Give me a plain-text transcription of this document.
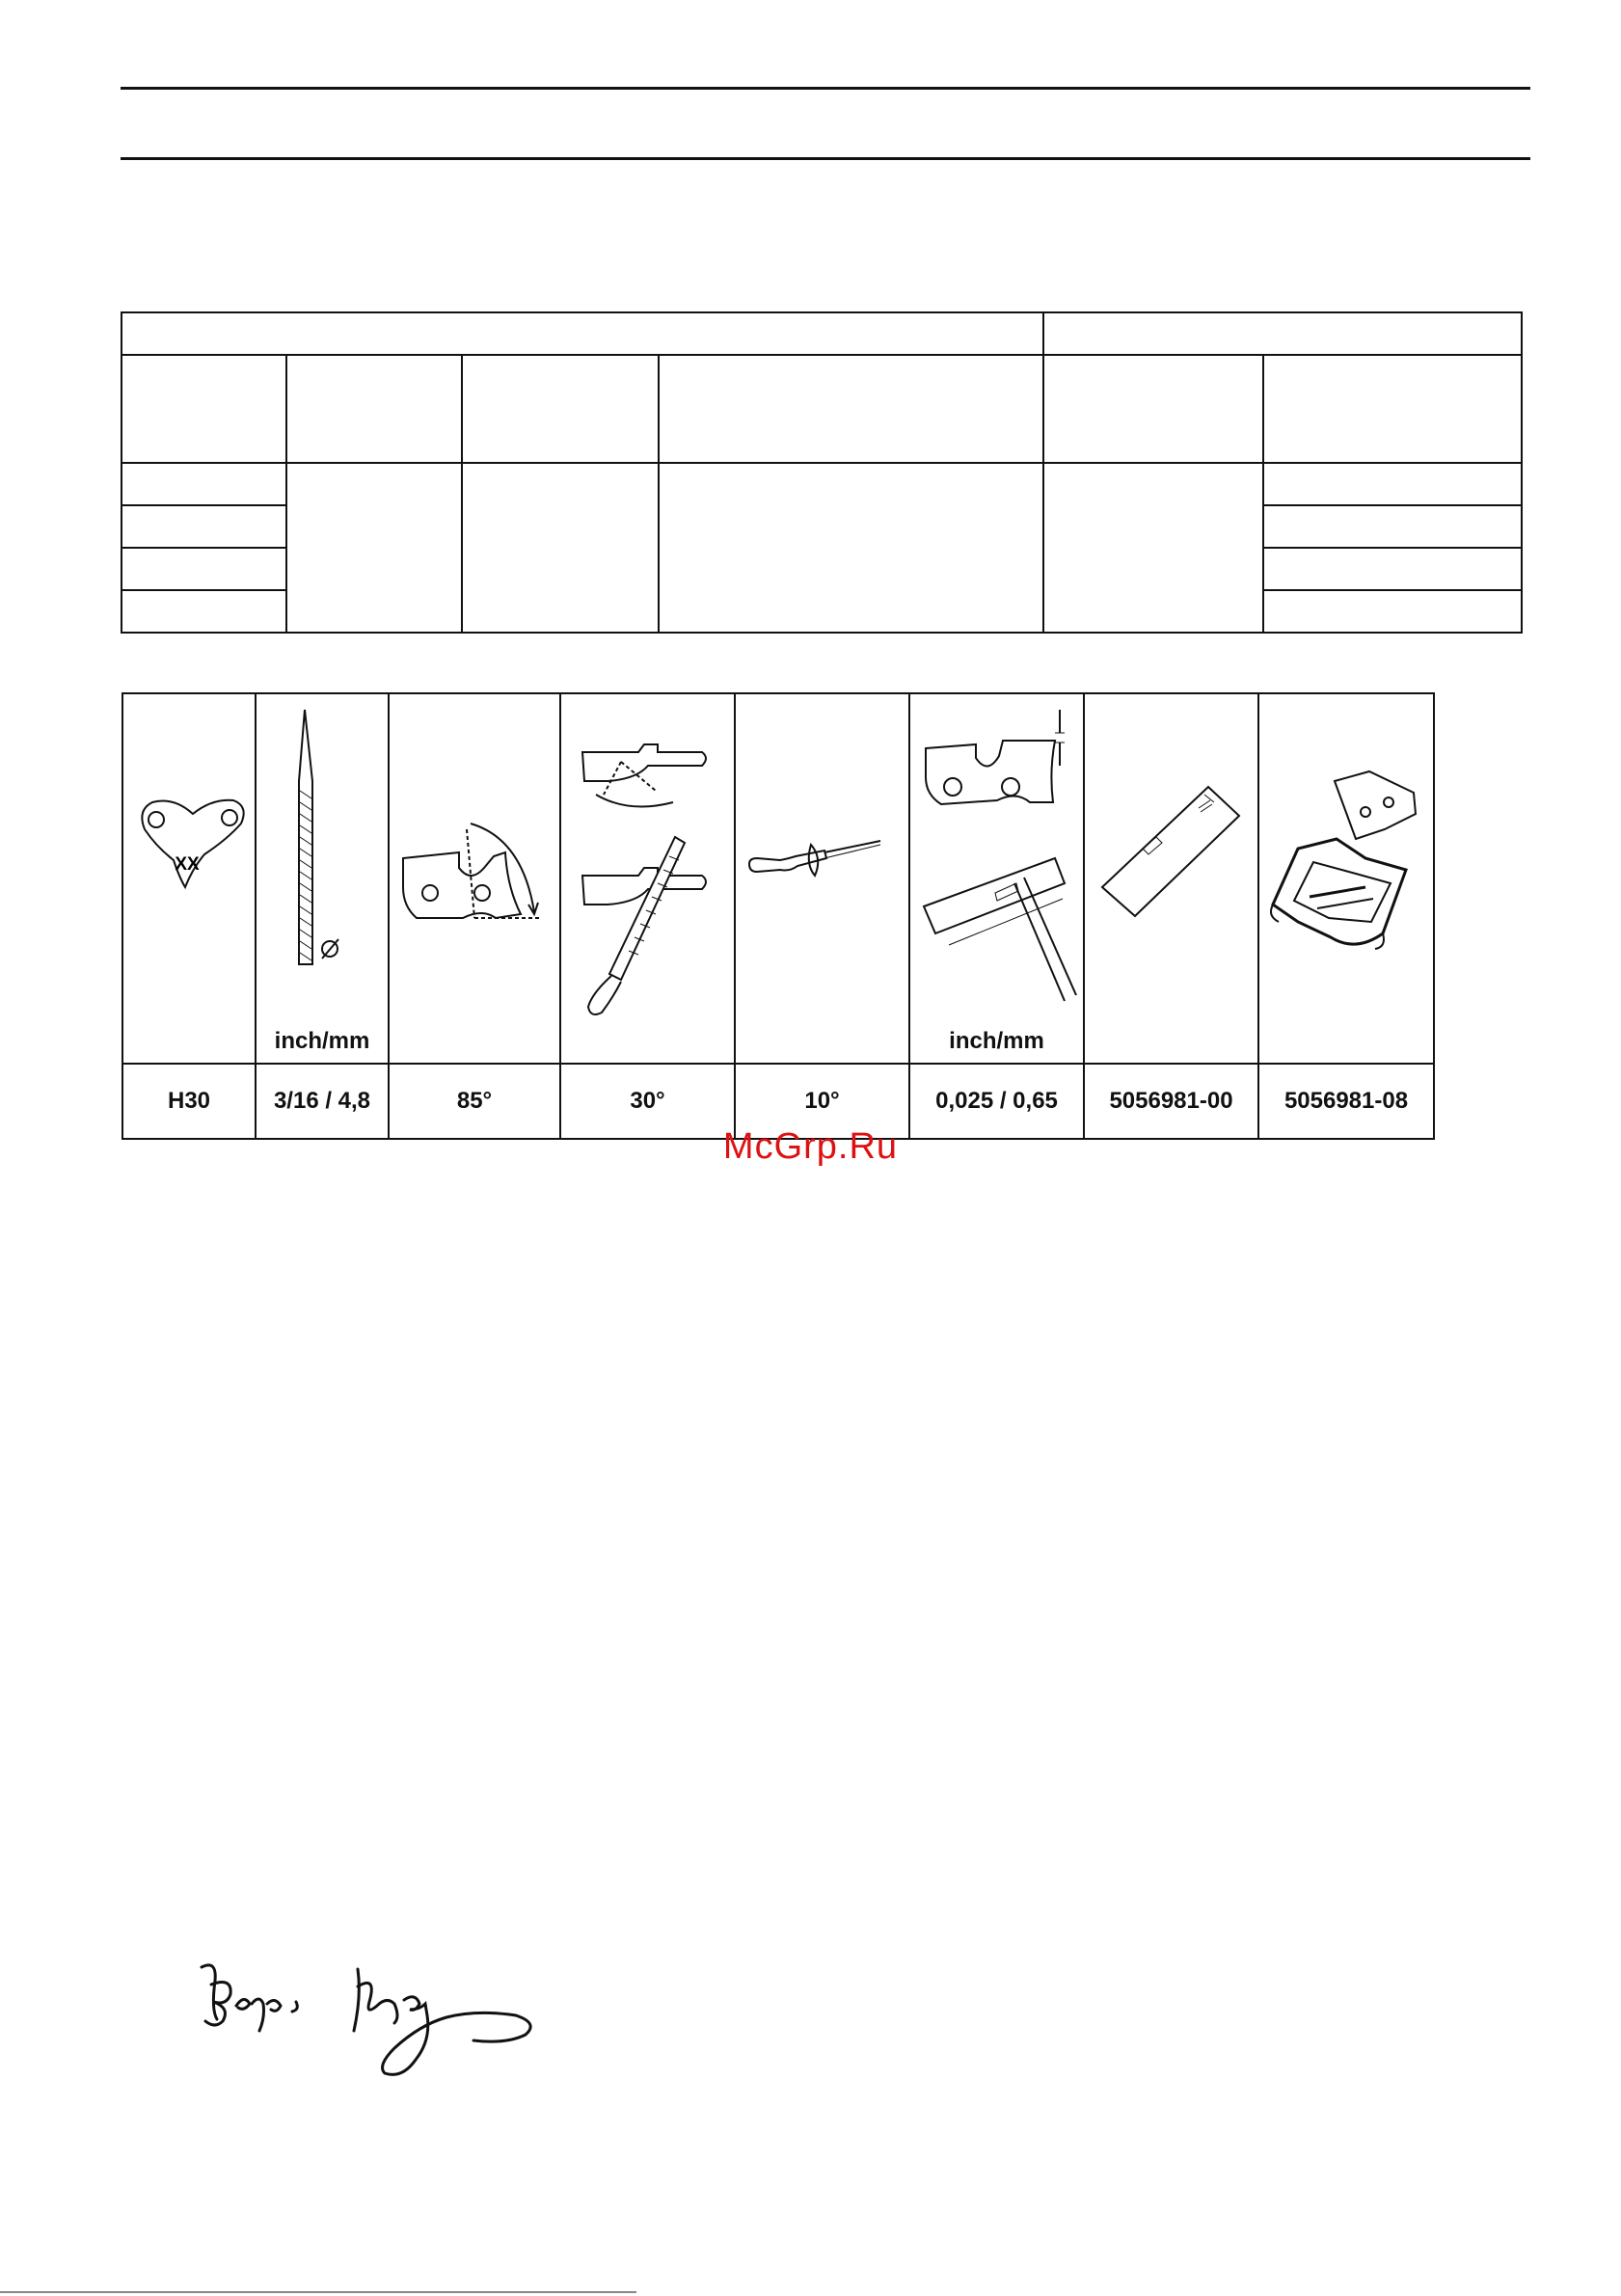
XX	inch/mm				inch/mm

H30	3/16 / 4,8	85°	30°	10°	0,025 / 0,65	5056981-00	5056981-08
McGrp.Ru
